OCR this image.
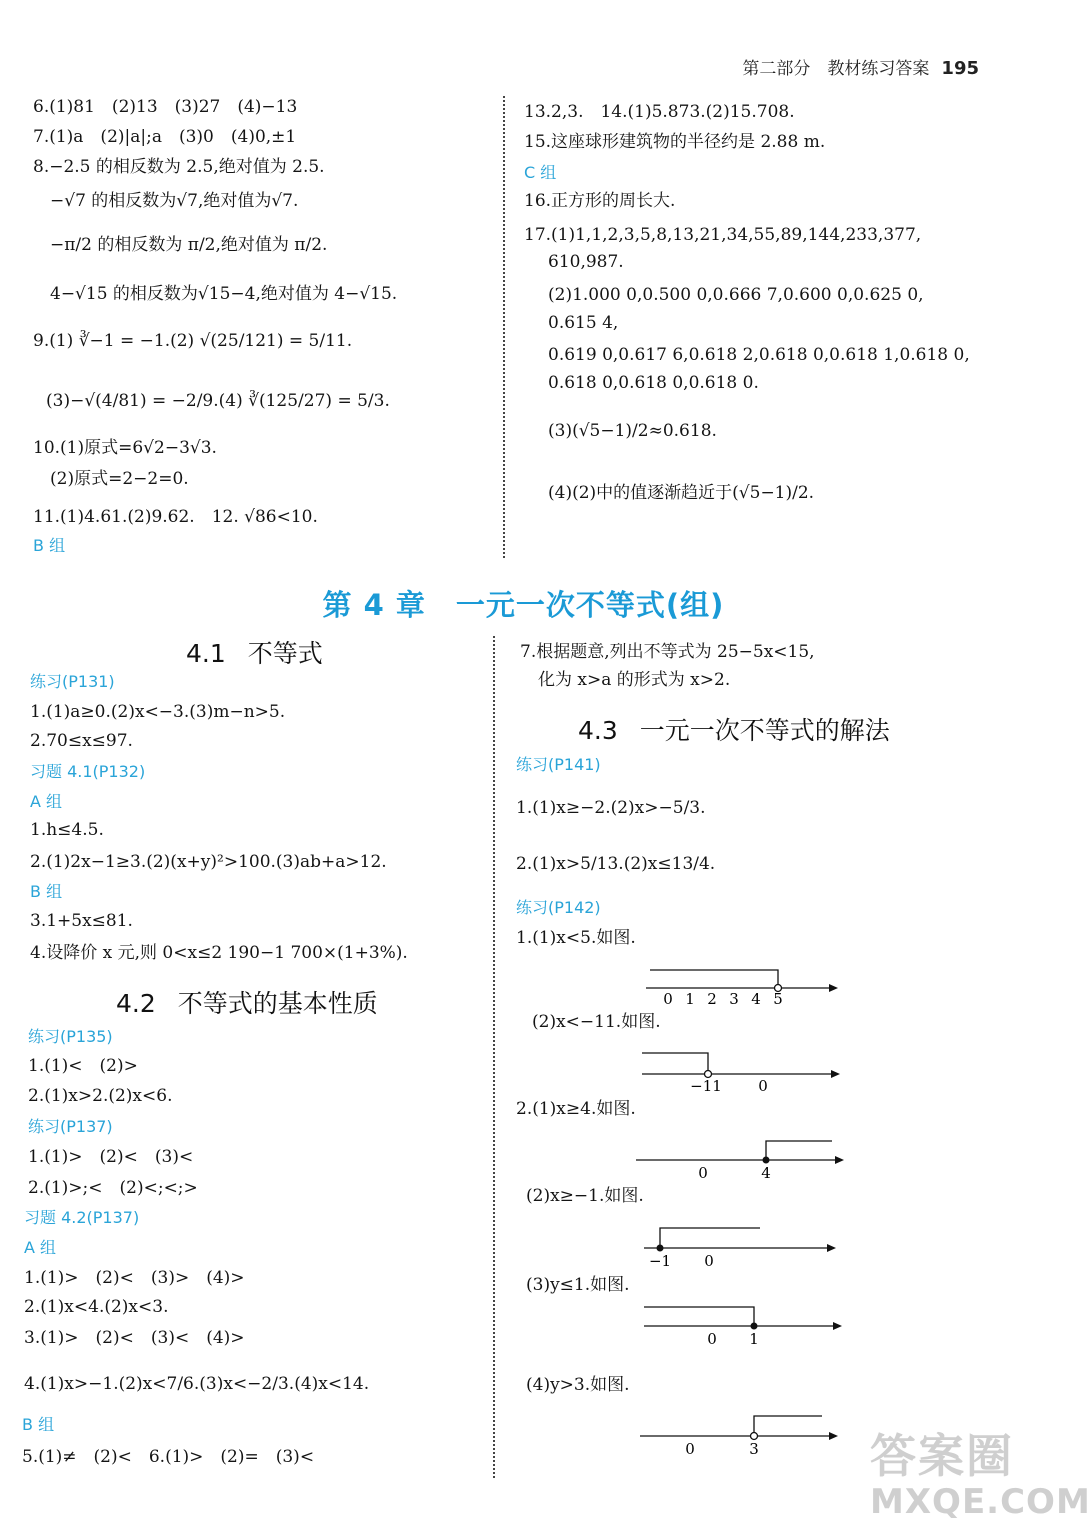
第二部分　教材练习答案 195
6.(1)81　(2)13　(3)27　(4)−13
7.(1)a　(2)|a|;a　(3)0　(4)0,±1
8.−2.5 的相反数为 2.5,绝对值为 2.5.
−√7 的相反数为√7,绝对值为√7.
−π/2 的相反数为 π/2,绝对值为 π/2.
4−√15 的相反数为√15−4,绝对值为 4−√15.
9.(1) ∛−1 = −1.(2) √(25/121) = 5/11.
(3)−√(4/81) = −2/9.(4) ∛(125/27) = 5/3.
10.(1)原式=6√2−3√3.
(2)原式=2−2=0.
11.(1)4.61.(2)9.62.　12. √86<10.
B 组
13.2,3.　14.(1)5.873.(2)15.708.
15.这座球形建筑物的半径约是 2.88 m.
C 组
16.正方形的周长大.
17.(1)1,1,2,3,5,8,13,21,34,55,89,144,233,377,
610,987.
(2)1.000 0,0.500 0,0.666 7,0.600 0,0.625 0,
0.615 4,
0.619 0,0.617 6,0.618 2,0.618 0,0.618 1,0.618 0,
0.618 0,0.618 0,0.618 0.
(3)(√5−1)/2≈0.618.
(4)(2)中的值逐渐趋近于(√5−1)/2.
第 4 章　一元一次不等式(组)
4.1 不等式
4.2 不等式的基本性质
4.3 一元一次不等式的解法
练习(P131)
1.(1)a≥0.(2)x<−3.(3)m−n>5.
2.70≤x≤97.
习题 4.1(P132)
A 组
1.h≤4.5.
2.(1)2x−1≥3.(2)(x+y)²>100.(3)ab+a>12.
B 组
3.1+5x≤81.
4.设降价 x 元,则 0<x≤2 190−1 700×(1+3%).
练习(P135)
1.(1)<　(2)>
2.(1)x>2.(2)x<6.
练习(P137)
1.(1)>　(2)<　(3)<
2.(1)>;<　(2)<;<;>
习题 4.2(P137)
A 组
1.(1)>　(2)<　(3)>　(4)>
2.(1)x<4.(2)x<3.
3.(1)>　(2)<　(3)<　(4)>
4.(1)x>−1.(2)x<7/6.(3)x<−2/3.(4)x<14.
B 组
5.(1)≠　(2)<　6.(1)>　(2)=　(3)<
7.根据题意,列出不等式为 25−5x<15,
化为 x>a 的形式为 x>2.
练习(P141)
1.(1)x≥−2.(2)x>−5/3.
2.(1)x>5/13.(2)x≤13/4.
练习(P142)
1.(1)x<5.如图.
(2)x<−11.如图.
2.(1)x≥4.如图.
(2)x≥−1.如图.
(3)y≤1.如图.
(4)y>3.如图.
0 1 2 3 4 5
−11 0
0	4
−1 0
0 1
0	3 答案圈
MXQE.COM
